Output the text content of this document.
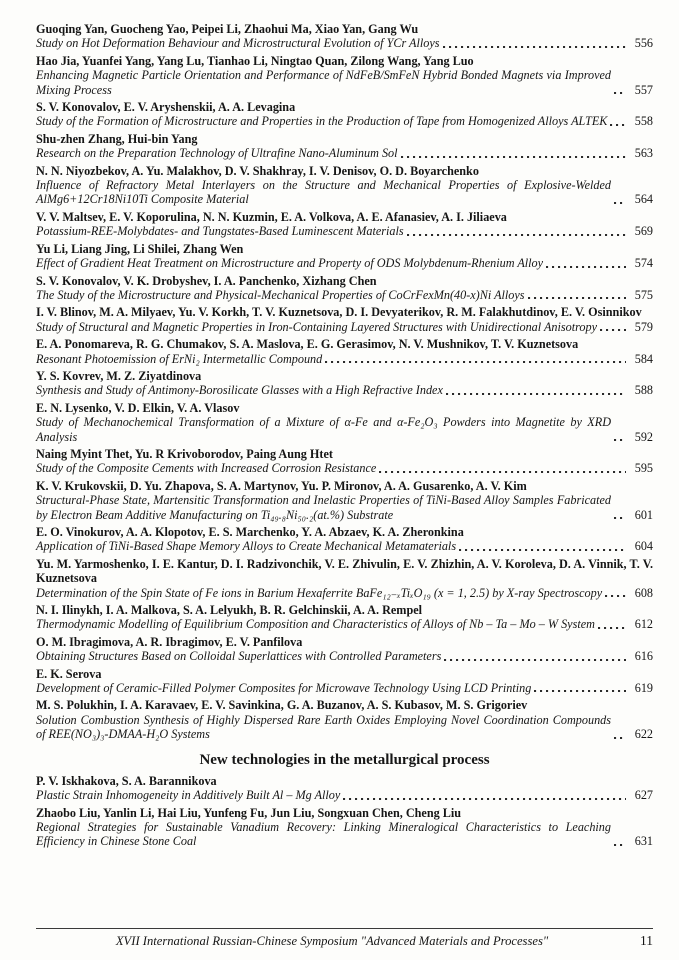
Guoqing Yan, Guocheng Yao, Peipei Li, Zhaohui Ma, Xiao Yan, Gang Wu
Study on Hot Deformation Behaviour and Microstructural Evolution of YCr Alloys	556
Hao Jia, Yuanfei Yang, Yang Lu, Tianhao Li, Ningtao Quan, Zilong Wang, Yang Luo
Enhancing Magnetic Particle Orientation and Performance of NdFeB/SmFeN Hybrid Bonded Magnets via Improved Mixing Process	557
S. V. Konovalov, E. V. Aryshenskii, A. A. Levagina
Study of the Formation of Microstructure and Properties in the Production of Tape from Homogenized Alloys ALTEK	558
Shu-zhen Zhang, Hui-bin Yang
Research on the Preparation Technology of Ultrafine Nano-Aluminum Sol	563
N. N. Niyozbekov, A. Yu. Malakhov, D. V. Shakhray, I. V. Denisov, O. D. Boyarchenko
Influence of Refractory Metal Interlayers on the Structure and Mechanical Properties of Explosive-Welded AlMg6+12Cr18Ni10Ti Composite Material	564
V. V. Maltsev, E. V. Koporulina, N. N. Kuzmin, E. A. Volkova, A. E. Afanasiev, A. I. Jiliaeva
Potassium-REE-Molybdates- and Tungstates-Based Luminescent Materials	569
Yu Li, Liang Jing, Li Shilei, Zhang Wen
Effect of Gradient Heat Treatment on Microstructure and Property of ODS Molybdenum-Rhenium Alloy	574
S. V. Konovalov, V. K. Drobyshev, I. A. Panchenko, Xizhang Chen
The Study of the Microstructure and Physical-Mechanical Properties of CoCrFexMn(40-x)Ni Alloys	575
I. V. Blinov, M. A. Milyaev, Yu. V. Korkh, T. V. Kuznetsova, D. I. Devyaterikov, R. M. Falakhutdinov, E. V. Osinnikov
Study of Structural and Magnetic Properties in Iron-Containing Layered Structures with Unidirectional Anisotropy	579
E. A. Ponomareva, R. G. Chumakov, S. A. Maslova, E. G. Gerasimov, N. V. Mushnikov, T. V. Kuznetsova
Resonant Photoemission of ErNi₂ Intermetallic Compound	584
Y. S. Kovrev, M. Z. Ziyatdinova
Synthesis and Study of Antimony-Borosilicate Glasses with a High Refractive Index	588
E. N. Lysenko, V. D. Elkin, V. A. Vlasov
Study of Mechanochemical Transformation of a Mixture of α-Fe and α-Fe₂O₃ Powders into Magnetite by XRD Analysis	592
Naing Myint Thet, Yu. R Krivoborodov, Paing Aung Htet
Study of the Composite Cements with Increased Corrosion Resistance	595
K. V. Krukovskii, D. Yu. Zhapova, S. A. Martynov, Yu. P. Mironov, A. A. Gusarenko, A. V. Kim
Structural-Phase State, Martensitic Transformation and Inelastic Properties of TiNi-Based Alloy Samples Fabricated by Electron Beam Additive Manufacturing on Ti₄₉.₈Ni₅₀.₂(at.%) Substrate	601
E. O. Vinokurov, A. A. Klopotov, E. S. Marchenko, Y. A. Abzaev, K. A. Zheronkina
Application of TiNi-Based Shape Memory Alloys to Create Mechanical Metamaterials	604
Yu. M. Yarmoshenko, I. E. Kantur, D. I. Radzivonchik, V. E. Zhivulin, E. V. Zhizhin, A. V. Koroleva, D. A. Vinnik, T. V. Kuznetsova
Determination of the Spin State of Fe ions in Barium Hexaferrite BaFe₁₂₋ₓTiₓO₁₉ (x = 1, 2.5) by X-ray Spectroscopy	608
N. I. Ilinykh, I. A. Malkova, S. A. Lelyukh, B. R. Gelchinskii, A. A. Rempel
Thermodynamic Modelling of Equilibrium Composition and Characteristics of Alloys of Nb – Ta – Mo – W System	612
O. M. Ibragimova, A. R. Ibragimov, E. V. Panfilova
Obtaining Structures Based on Colloidal Superlattices with Controlled Parameters	616
E. K. Serova
Development of Ceramic-Filled Polymer Composites for Microwave Technology Using LCD Printing	619
M. S. Polukhin, I. A. Karavaev, E. V. Savinkina, G. A. Buzanov, A. S. Kubasov, M. S. Grigoriev
Solution Combustion Synthesis of Highly Dispersed Rare Earth Oxides Employing Novel Coordination Compounds of REE(NO₃)₃-DMAA-H₂O Systems	622
New technologies in the metallurgical process
P. V. Iskhakova, S. A. Barannikova
Plastic Strain Inhomogeneity in Additively Built Al – Mg Alloy	627
Zhaobo Liu, Yanlin Li, Hai Liu, Yunfeng Fu, Jun Liu, Songxuan Chen, Cheng Liu
Regional Strategies for Sustainable Vanadium Recovery: Linking Mineralogical Characteristics to Leaching Efficiency in Chinese Stone Coal	631
XVII International Russian-Chinese Symposium "Advanced Materials and Processes"	11
